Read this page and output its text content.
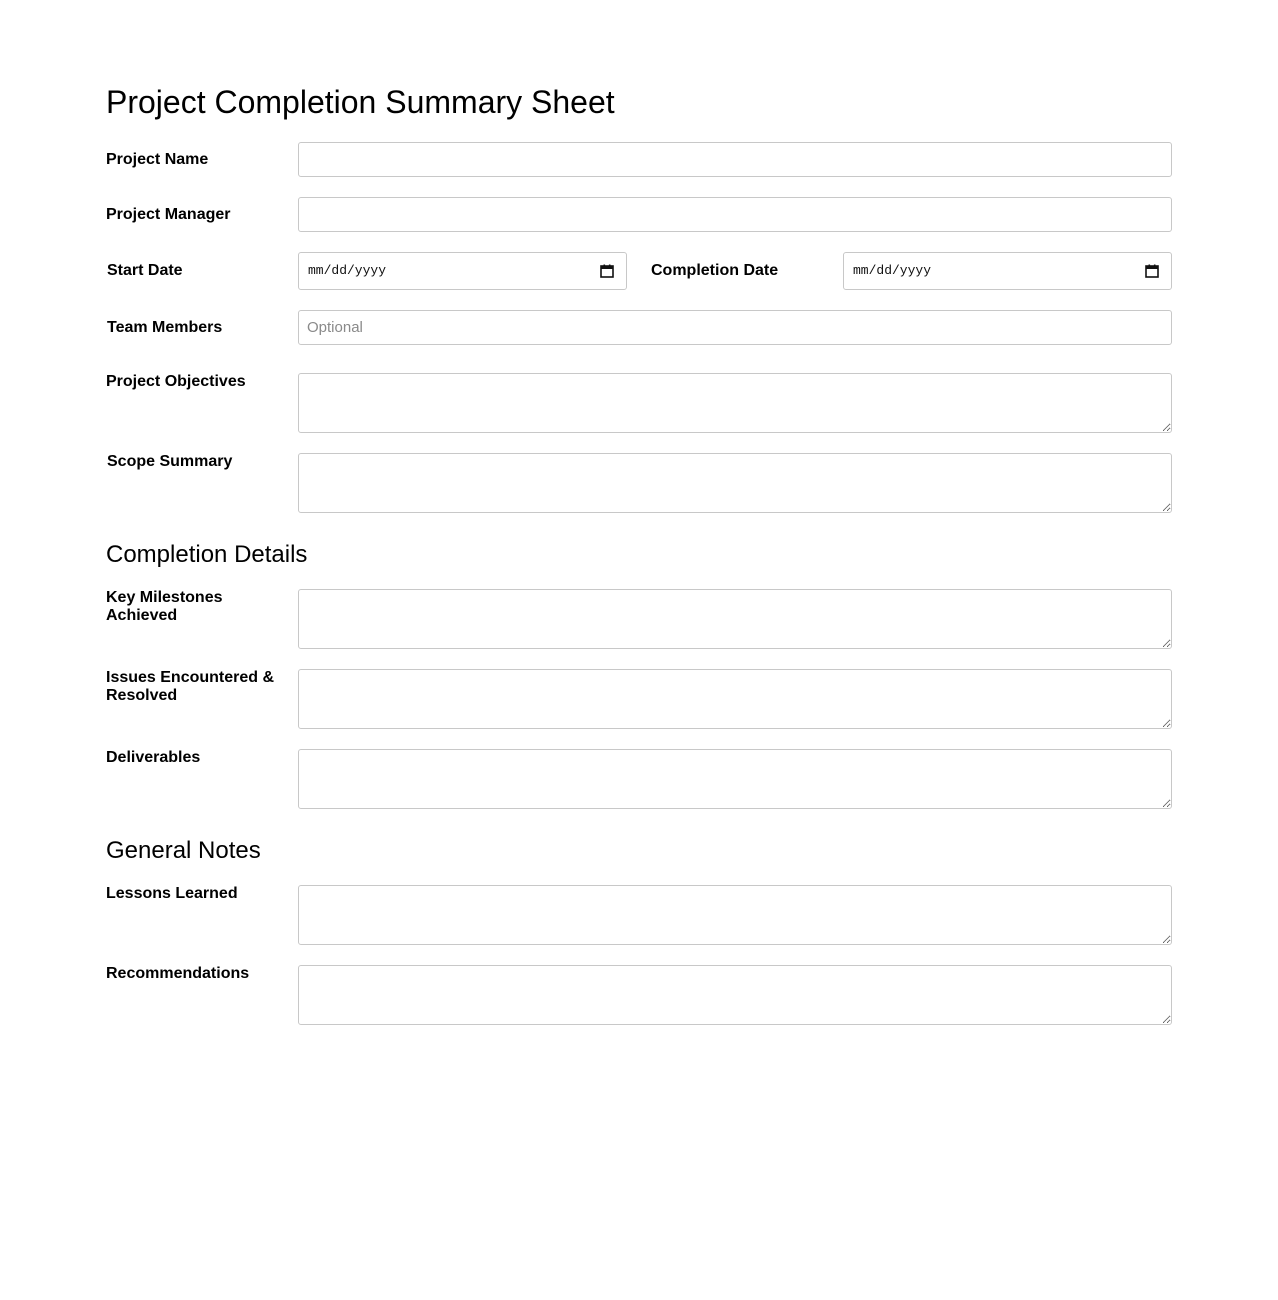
Project Completion Summary Sheet
Project Name
Project Manager
Start Date	mm/dd/yyyy	Completion Date	mm/dd/yyyy
Team Members
Optional
Project Objectives
Scope Summary
Completion Details
Key Milestones
Achieved
Issues Encountered &
Resolved
Deliverables
General Notes
Lessons Learned
Recommendations
